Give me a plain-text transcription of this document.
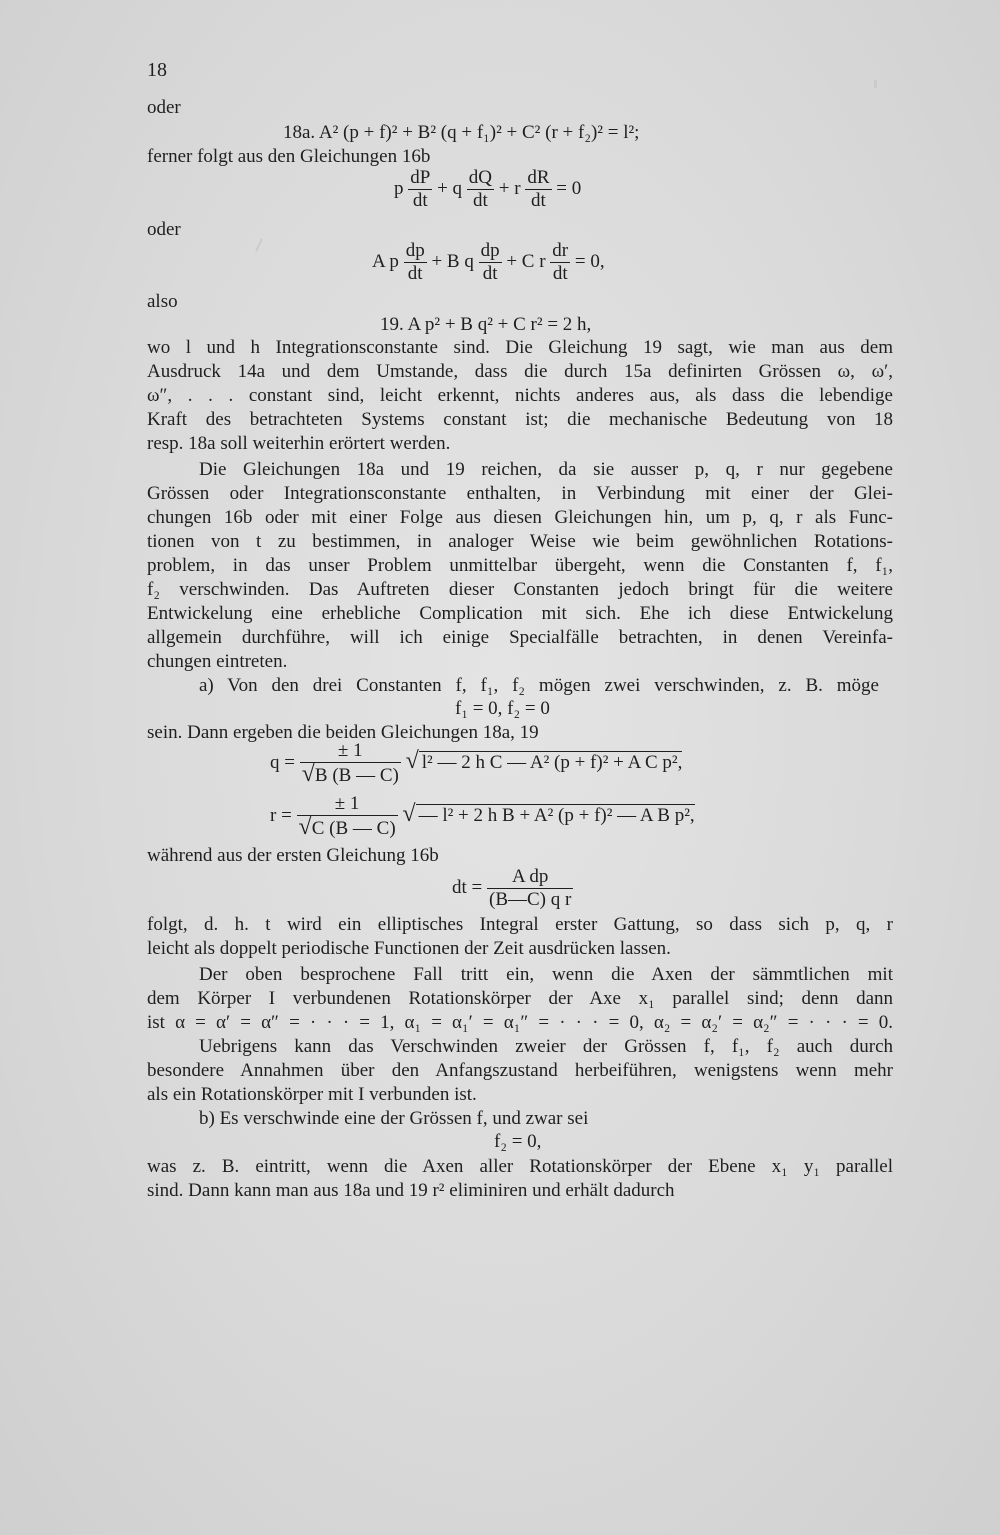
18
oder
18a. A² (p + f)² + B² (q + f₁)² + C² (r + f₂)² = l²;
ferner folgt aus den Gleichungen 16b
p $\frac{dP}{dt} + q \frac{dQ}{dt} + r \frac{dR}{dt} = 0$
oder
A p $\frac{dp}{dt} + B$ q $\frac{dp}{dt} + C$ r $\frac{dr}{dt} = 0$,
also
19. A p² + B q² + C r² = 2 h,
wo l und h Integrationsconstante sind. Die Gleichung 19 sagt, wie man aus dem
Ausdruck 14a und dem Umstande, dass die durch 15a definirten Grössen ω, ω′,
ω″, . . . constant sind, leicht erkennt, nichts anderes aus, als dass die lebendige
Kraft des betrachteten Systems constant ist; die mechanische Bedeutung von 18
resp. 18a soll weiterhin erörtert werden.
Die Gleichungen 18a und 19 reichen, da sie ausser p, q, r nur gegebene
Grössen oder Integrationsconstante enthalten, in Verbindung mit einer der Glei-
chungen 16b oder mit einer Folge aus diesen Gleichungen hin, um p, q, r als Func-
tionen von t zu bestimmen, in analoger Weise wie beim gewöhnlichen Rotations-
problem, in das unser Problem unmittelbar übergeht, wenn die Constanten f, f₁,
f₂ verschwinden. Das Auftreten dieser Constanten jedoch bringt für die weitere
Entwickelung eine erhebliche Complication mit sich. Ehe ich diese Entwickelung
allgemein durchführe, will ich einige Specialfälle betrachten, in denen Vereinfa-
chungen eintreten.
a) Von den drei Constanten f, f₁, f₂ mögen zwei verschwinden, z. B. möge
f₁ = 0, f₂ = 0
sein. Dann ergeben die beiden Gleichungen 18a, 19
$q = \frac{\pm 1}{√B (B — C)}$ √ l² — 2 h C — A² (p + f)² + A C p²,
$r = \frac{\pm 1}{√C (B — C)}$ √ — l² + 2 h B + A² (p + f)² — A B p²,
während aus der ersten Gleichung 16b
dt = $\frac{\text{A dp}}{\text{(B—C) q r}}$
folgt, d. h. t wird ein elliptisches Integral erster Gattung, so dass sich p, q, r
leicht als doppelt periodische Functionen der Zeit ausdrücken lassen.
Der oben besprochene Fall tritt ein, wenn die Axen der sämmtlichen mit
dem Körper I verbundenen Rotationskörper der Axe x₁ parallel sind; denn dann
ist α = α′ = α″ = · · · = 1, α₁ = α₁′ = α₁″ = · · · = 0, α₂ = α₂′ = α₂″ = · · · = 0.
Uebrigens kann das Verschwinden zweier der Grössen f, f₁, f₂ auch durch
besondere Annahmen über den Anfangszustand herbeiführen, wenigstens wenn mehr
als ein Rotationskörper mit I verbunden ist.
b) Es verschwinde eine der Grössen f, und zwar sei
f₂ = 0,
was z. B. eintritt, wenn die Axen aller Rotationskörper der Ebene x₁ y₁ parallel
sind. Dann kann man aus 18a und 19 r² eliminiren und erhält dadurch
